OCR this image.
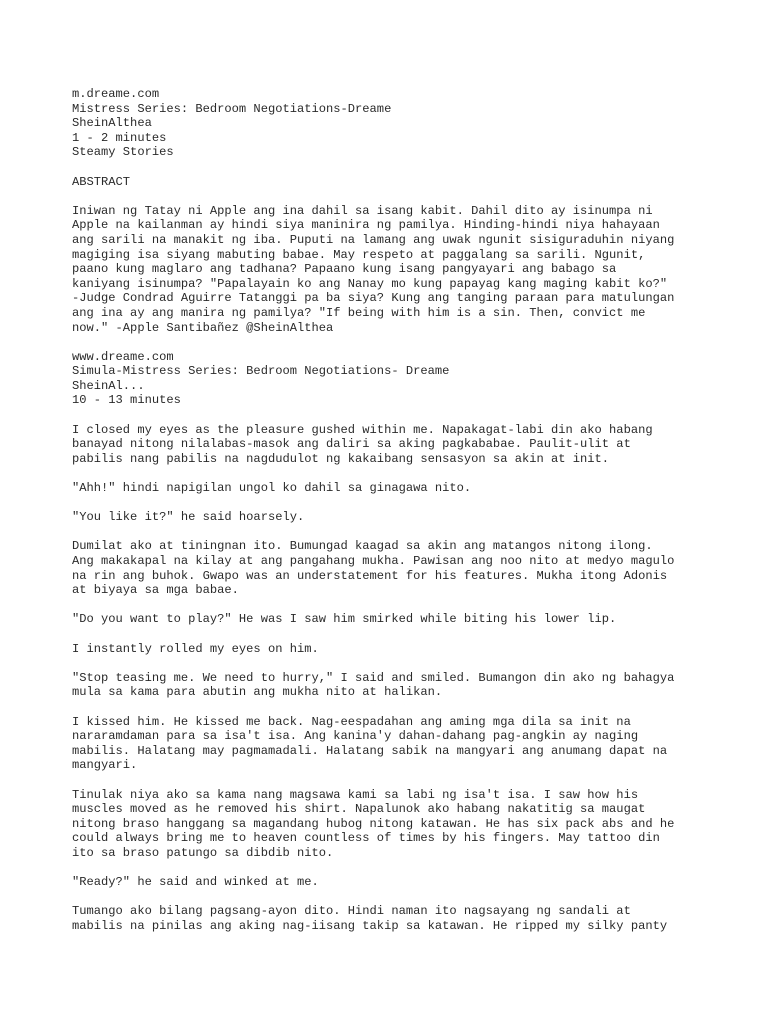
m.dreame.com
Mistress Series: Bedroom Negotiations-Dreame
SheinAlthea
1 - 2 minutes
Steamy Stories
ABSTRACT
Iniwan ng Tatay ni Apple ang ina dahil sa isang kabit. Dahil dito ay isinumpa ni
Apple na kailanman ay hindi siya maninira ng pamilya. Hinding-hindi niya hahayaan
ang sarili na manakit ng iba. Puputi na lamang ang uwak ngunit sisiguraduhin niyang
magiging isa siyang mabuting babae. May respeto at paggalang sa sarili. Ngunit,
paano kung maglaro ang tadhana? Papaano kung isang pangyayari ang babago sa
kaniyang isinumpa? "Papalayain ko ang Nanay mo kung papayag kang maging kabit ko?"
-Judge Condrad Aguirre Tatanggi pa ba siya? Kung ang tanging paraan para matulungan
ang ina ay ang manira ng pamilya? "If being with him is a sin. Then, convict me
now." -Apple Santibañez @SheinAlthea
www.dreame.com
Simula-Mistress Series: Bedroom Negotiations- Dreame
SheinAl...
10 - 13 minutes
I closed my eyes as the pleasure gushed within me. Napakagat-labi din ako habang
banayad nitong nilalabas-masok ang daliri sa aking pagkababae. Paulit-ulit at
pabilis nang pabilis na nagdudulot ng kakaibang sensasyon sa akin at init.
"Ahh!" hindi napigilan ungol ko dahil sa ginagawa nito.
"You like it?" he said hoarsely.
Dumilat ako at tiningnan ito. Bumungad kaagad sa akin ang matangos nitong ilong.
Ang makakapal na kilay at ang pangahang mukha. Pawisan ang noo nito at medyo magulo
na rin ang buhok. Gwapo was an understatement for his features. Mukha itong Adonis
at biyaya sa mga babae.
"Do you want to play?" He was I saw him smirked while biting his lower lip.
I instantly rolled my eyes on him.
"Stop teasing me. We need to hurry," I said and smiled. Bumangon din ako ng bahagya
mula sa kama para abutin ang mukha nito at halikan.
I kissed him. He kissed me back. Nag-eespadahan ang aming mga dila sa init na
nararamdaman para sa isa't isa. Ang kanina'y dahan-dahang pag-angkin ay naging
mabilis. Halatang may pagmamadali. Halatang sabik na mangyari ang anumang dapat na
mangyari.
Tinulak niya ako sa kama nang magsawa kami sa labi ng isa't isa. I saw how his
muscles moved as he removed his shirt. Napalunok ako habang nakatitig sa maugat
nitong braso hanggang sa magandang hubog nitong katawan. He has six pack abs and he
could always bring me to heaven countless of times by his fingers. May tattoo din
ito sa braso patungo sa dibdib nito.
"Ready?" he said and winked at me.
Tumango ako bilang pagsang-ayon dito. Hindi naman ito nagsayang ng sandali at
mabilis na pinilas ang aking nag-iisang takip sa katawan. He ripped my silky panty
